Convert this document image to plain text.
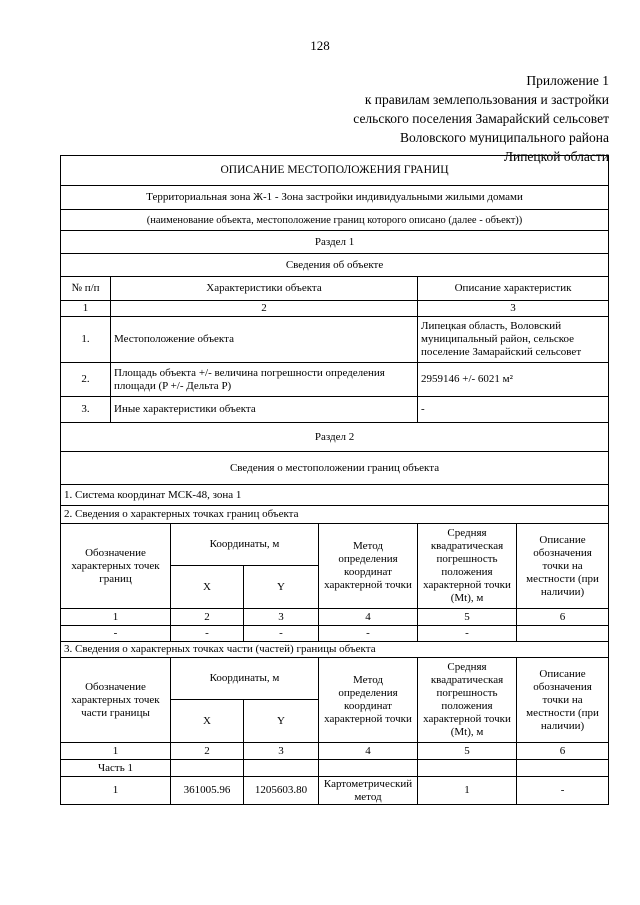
128
Приложение 1
к правилам землепользования и застройки
сельского поселения Замарайский сельсовет
Воловского муниципального района
Липецкой области
ОПИСАНИЕ МЕСТОПОЛОЖЕНИЯ ГРАНИЦ						
Территориальная зона Ж-1 - Зона застройки индивидуальными жилыми домами						
(наименование объекта, местоположение границ которого описано (далее - объект))						
Раздел 1						
Сведения об объекте						
№ п/п	Характеристики объекта				Описание характеристик	
1	2				3	
1.	Местоположение объекта				Липецкая область, Воловский муниципальный район, сельское поселение Замарайский сельсовет	
2.	Площадь объекта +/- величина погрешности определения площади (P +/- Дельта P)				2959146 +/- 6021 м²	
3.	Иные характеристики объекта				-	
Раздел 2						
Сведения о местоположении границ объекта						
1. Система координат МСК-48, зона 1						
2. Сведения о характерных точках границ объекта						
Обозначение характерных точек границ		Координаты, м		Метод определения координат характерной точки	Средняя квадратическая погрешность положения характерной точки (Mt), м	Описание обозначения точки на местности (при наличии)
		X	Y			
1		2	3	4	5	6
-		-	-	-	-	
3. Сведения о характерных точках части (частей) границы объекта						
Обозначение характерных точек части границы		Координаты, м		Метод определения координат характерной точки	Средняя квадратическая погрешность положения характерной точки (Mt), м	Описание обозначения точки на местности (при наличии)
		X	Y			
1		2	3	4	5	6
Часть 1						
1		361005.96	1205603.80	Картометрический метод	1	-
